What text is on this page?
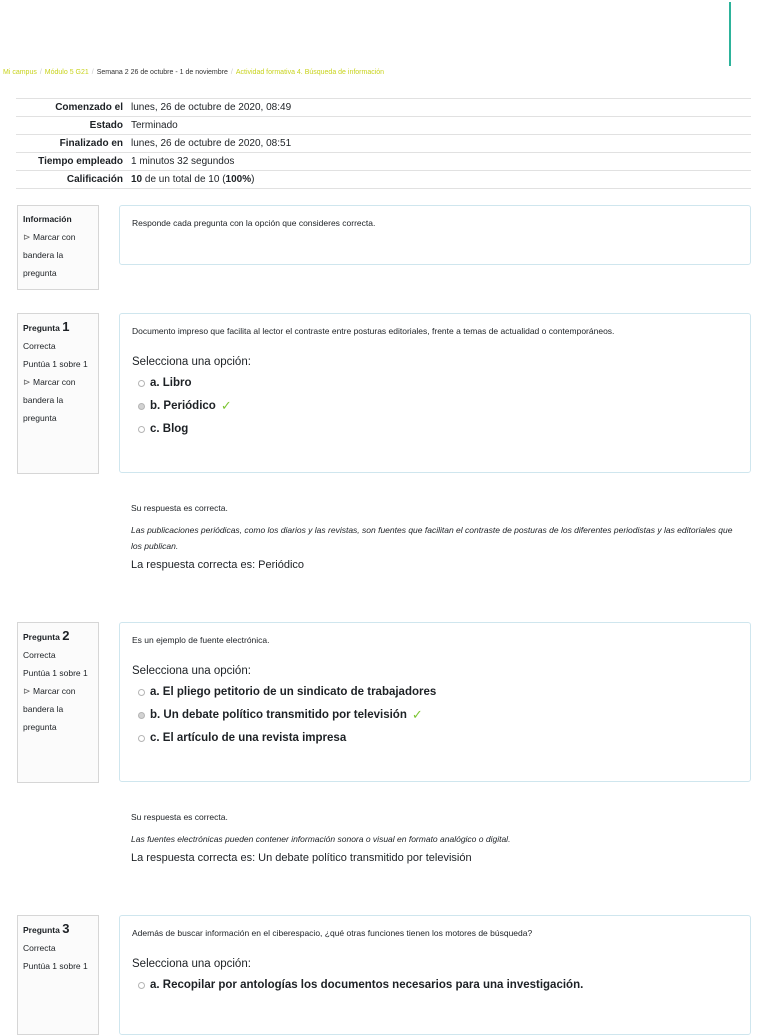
Mi campus / Módulo 5 G21 / Semana 2 26 de octubre - 1 de noviembre / Actividad formativa 4. Búsqueda de información
Comenzado el	lunes, 26 de octubre de 2020, 08:49
Estado	Terminado
Finalizado en	lunes, 26 de octubre de 2020, 08:51
Tiempo empleado	1 minutos 32 segundos
Calificación	10 de un total de 10 (100%)
Información
⊳ Marcar con bandera la pregunta
Responde cada pregunta con la opción que consideres correcta.
Pregunta 1
Correcta
Puntúa 1 sobre 1
⊳ Marcar con bandera la pregunta
Documento impreso que facilita al lector el contraste entre posturas editoriales, frente a temas de actualidad o contemporáneos.
Selecciona una opción:
a. Libro
b. Periódico ✓
c. Blog
Su respuesta es correcta.
Las publicaciones periódicas, como los diarios y las revistas, son fuentes que facilitan el contraste de posturas de los diferentes periodistas y las editoriales que los publican.
La respuesta correcta es: Periódico
Pregunta 2
Correcta
Puntúa 1 sobre 1
⊳ Marcar con bandera la pregunta
Es un ejemplo de fuente electrónica.
Selecciona una opción:
a. El pliego petitorio de un sindicato de trabajadores
b. Un debate político transmitido por televisión ✓
c. El artículo de una revista impresa
Su respuesta es correcta.
Las fuentes electrónicas pueden contener información sonora o visual en formato analógico o digital.
La respuesta correcta es: Un debate político transmitido por televisión
Pregunta 3
Correcta
Puntúa 1 sobre 1
Además de buscar información en el ciberespacio, ¿qué otras funciones tienen los motores de búsqueda?
Selecciona una opción:
a. Recopilar por antologías los documentos necesarios para una investigación.
